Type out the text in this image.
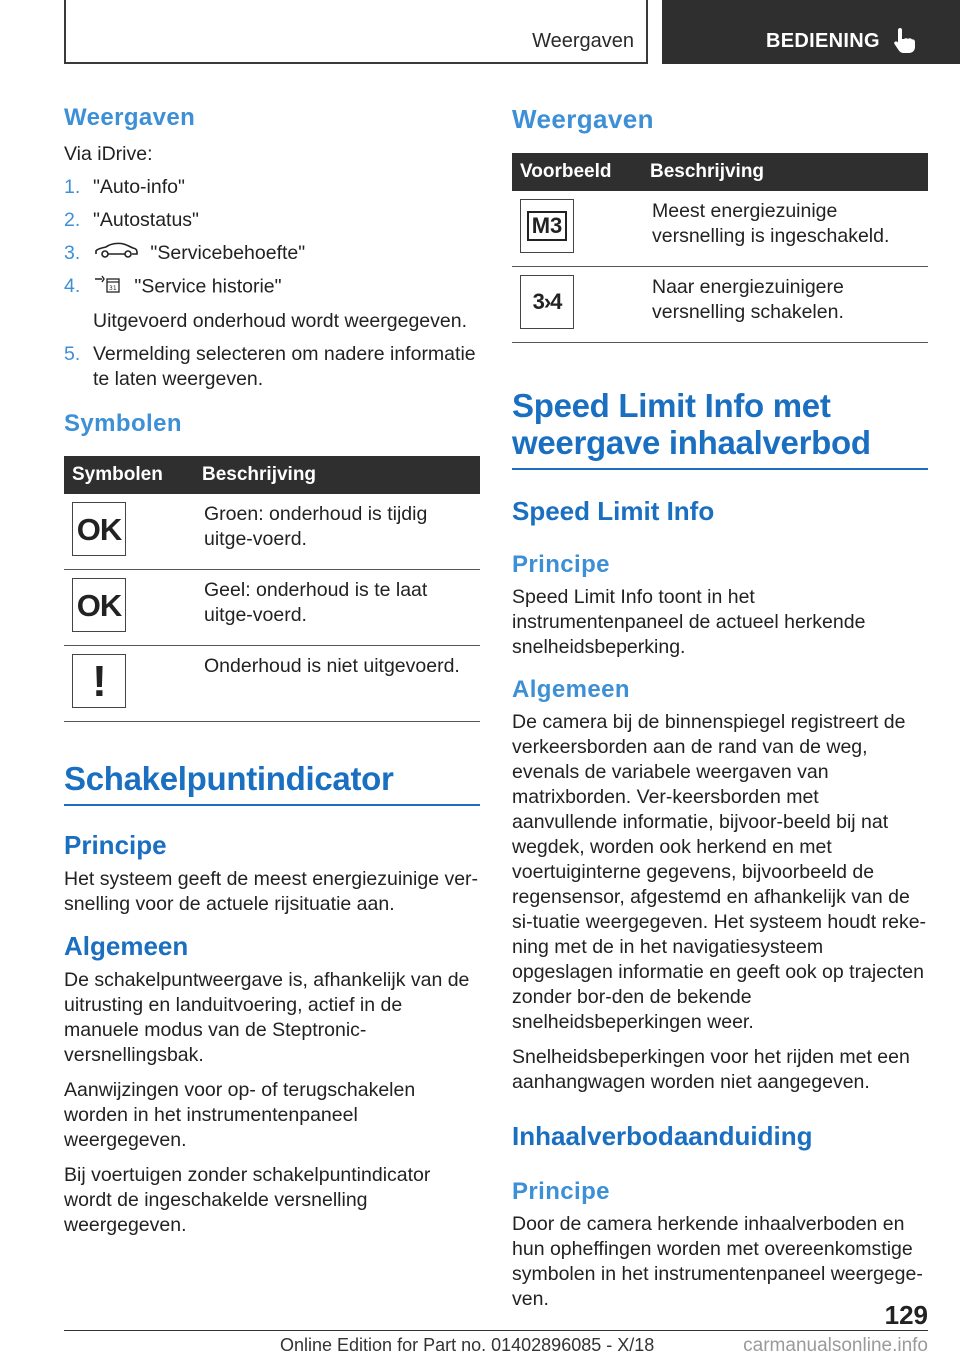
Weergaven	BEDIENING
Weergaven

Via iDrive:

1. "Auto-info"
2. "Autostatus"
3.	"Servicebehoefte"
4.	31 "Service historie"
Uitgevoerd onderhoud wordt weergegeven.
5. Vermelding selecteren om nadere informatie te laten weergeven.
Symbolen
Symbolen	Beschrijving

OK	Groen: onderhoud is tijdig uitge-voerd.

OK	Geel: onderhoud is te laat uitge-voerd.

!	Onderhoud is niet uitgevoerd.
Schakelpuntindicator
Principe

Het systeem geeft de meest energiezuinige ver-snelling voor de actuele rijsituatie aan.

Algemeen

De schakelpuntweergave is, afhankelijk van de uitrusting en landuitvoering, actief in de manuele modus van de Steptronic-versnellingsbak.

Aanwijzingen voor op- of terugschakelen worden in het instrumentenpaneel weergegeven.

Bij voertuigen zonder schakelpuntindicator wordt de ingeschakelde versnelling weergegeven.

Weergaven
Voorbeeld	Beschrijving

M3	Meest energiezuinige versnelling is ingeschakeld.

3›4	Naar energiezuinigere versnelling schakelen.
Speed Limit Info met
weergave inhaalverbod
Speed Limit Info
Principe

Speed Limit Info toont in het instrumentenpaneel de actueel herkende snelheidsbeperking.

Algemeen

De camera bij de binnenspiegel registreert de verkeersborden aan de rand van de weg, evenals de variabele weergaven van matrixborden. Ver-keersborden met aanvullende informatie, bijvoor-beeld bij nat wegdek, worden ook herkend en met voertuiginterne gegevens, bijvoorbeeld de regensensor, afgestemd en afhankelijk van de si-tuatie weergegeven. Het systeem houdt reke-ning met de in het navigatiesysteem opgeslagen informatie en geeft ook op trajecten zonder bor-den de bekende snelheidsbeperkingen weer.

Snelheidsbeperkingen voor het rijden met een aanhangwagen worden niet aangegeven.

Inhaalverbodaanduiding
Principe

Door de camera herkende inhaalverboden en hun opheffingen worden met overeenkomstige symbolen in het instrumentenpaneel weergege-ven.

129
Online Edition for Part no. 01402896085 - X/18	carmanualsonline.info
